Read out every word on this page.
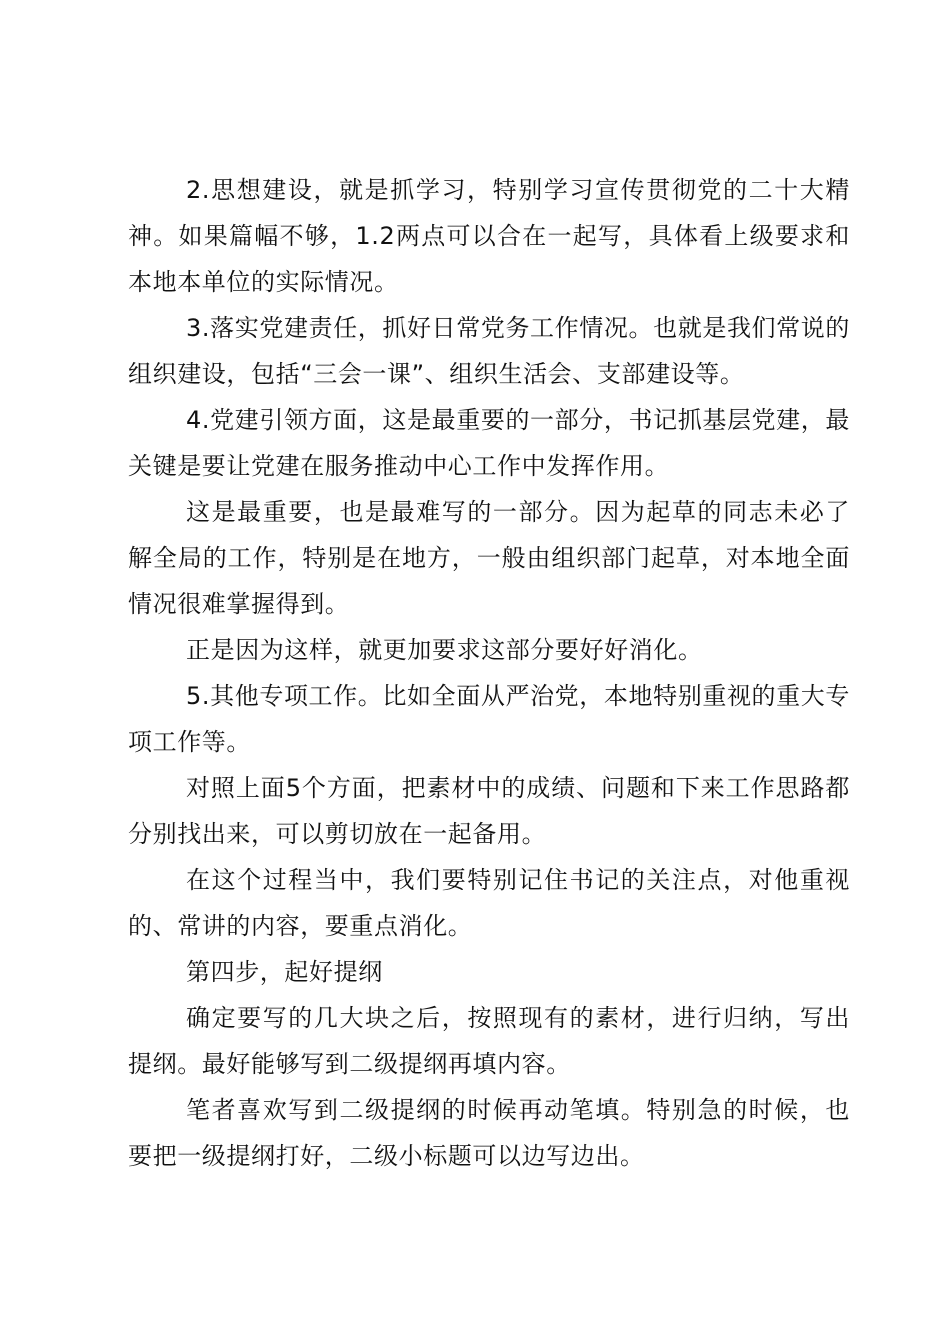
2.思想建设，就是抓学习，特别学习宣传贯彻党的二十大精神。如果篇幅不够，1.2两点可以合在一起写，具体看上级要求和本地本单位的实际情况。

3.落实党建责任，抓好日常党务工作情况。也就是我们常说的组织建设，包括“三会一课”、组织生活会、支部建设等。

4.党建引领方面，这是最重要的一部分，书记抓基层党建，最关键是要让党建在服务推动中心工作中发挥作用。

这是最重要，也是最难写的一部分。因为起草的同志未必了解全局的工作，特别是在地方，一般由组织部门起草，对本地全面情况很难掌握得到。

正是因为这样，就更加要求这部分要好好消化。

5.其他专项工作。比如全面从严治党，本地特别重视的重大专项工作等。

对照上面5个方面，把素材中的成绩、问题和下来工作思路都分别找出来，可以剪切放在一起备用。

在这个过程当中，我们要特别记住书记的关注点，对他重视的、常讲的内容，要重点消化。

第四步，起好提纲

确定要写的几大块之后，按照现有的素材，进行归纳，写出提纲。最好能够写到二级提纲再填内容。

笔者喜欢写到二级提纲的时候再动笔填。特别急的时候，也要把一级提纲打好，二级小标题可以边写边出。
